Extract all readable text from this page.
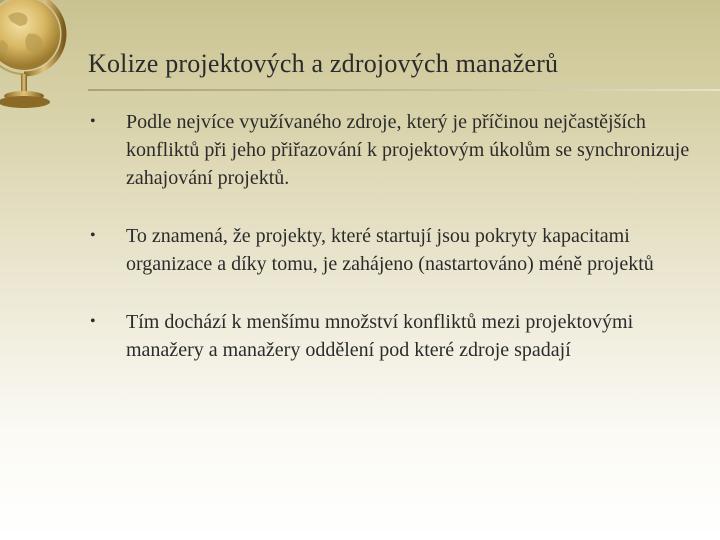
Kolize projektových a zdrojových manažerů
• Podle nejvíce využívaného zdroje, který je příčinou nejčastějších konfliktů při jeho přiřazování k projektovým úkolům se synchronizuje zahajování projektů.
• To znamená, že projekty, které startují jsou pokryty kapacitami organizace a díky tomu, je zahájeno (nastartováno) méně projektů
• Tím dochází k menšímu množství konfliktů mezi projektovými manažery a manažery oddělení pod které zdroje spadají
